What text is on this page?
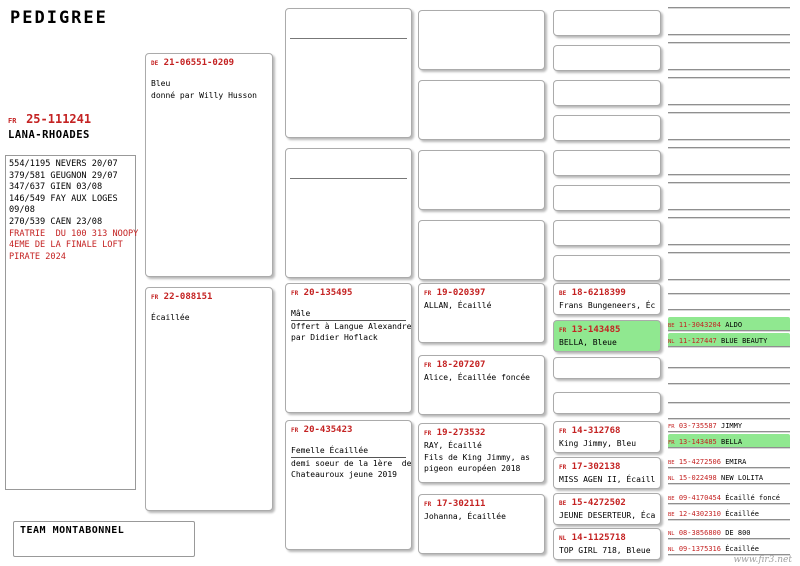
PEDIGREE
FR 25-111241
LANA-RHOADES
554/1195 NEVERS 20/07
379/581 GEUGNON 29/07
347/637 GIEN 03/08
146/549 FAY AUX LOGES
09/08
270/539 CAEN 23/08
FRATRIE  DU 100 313 NOOPY
4EME DE LA FINALE LOFT
PIRATE 2024
TEAM MONTABONNEL
DE 21-06551-0209
Bleu
donné par Willy Husson
FR 22-088151
Écaillée
FR 20-135495
Mâle
Offert à Langue Alexandre
par Didier Hoflack
FR 20-435423
Femelle Écaillée
demi soeur de la 1ère  de
Chateauroux jeune 2019
FR 19-020397
ALLAN, Écaillé
FR 18-207207
Alice, Écaillée foncée
FR 19-273532
RAY, Écaillé
Fils de King Jimmy, as
pigeon européen 2018
FR 17-302111
Johanna, Écaillée
BE 18-6218399
Frans Bungeneers, Éc
FR 13-143485
BELLA, Bleue
FR 14-312768
King Jimmy, Bleu
FR 17-302138
MISS AGEN II, Écaill
BE 15-4272502
JEUNE DESERTEUR, Éca
NL 14-1125718
TOP GIRL 718, Bleue

BE 11-3043204 ALDO
NL 11-127447 BLUE BEAUTY

FR 03-735587 JIMMY
FR 13-143485 BELLA
BE 15-4272506 EMIRA
NL 15-022498 NEW LOLITA
BE 09-4170454 Écaillé foncé
BE 12-4302310 Écaillée
NL 08-3856800 DE 800
NL 09-1375316 Écaillée
www.fir3.net
